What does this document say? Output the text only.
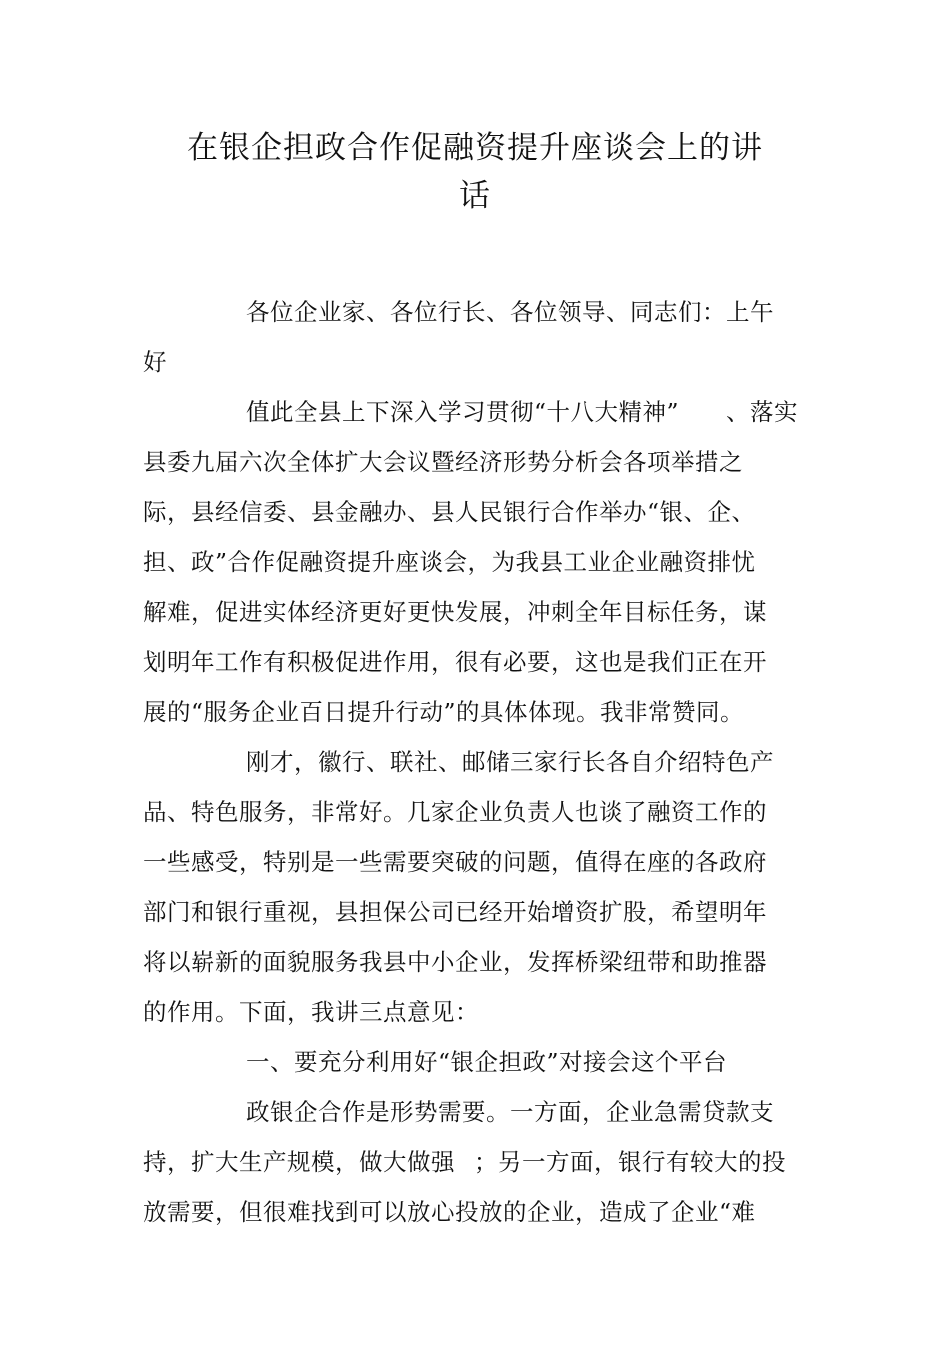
在银企担政合作促融资提升座谈会上的讲
话
各位企业家、各位行长、各位领导、同志们：上午
好
值此全县上下深入学习贯彻“十八大精神” 、落实
县委九届六次全体扩大会议暨经济形势分析会各项举措之
际，县经信委、县金融办、县人民银行合作举办“银、企、
担、政”合作促融资提升座谈会，为我县工业企业融资排忧
解难，促进实体经济更好更快发展，冲刺全年目标任务，谋
划明年工作有积极促进作用，很有必要，这也是我们正在开
展的“服务企业百日提升行动”的具体体现。我非常赞同。
刚才，徽行、联社、邮储三家行长各自介绍特色产
品、特色服务，非常好。几家企业负责人也谈了融资工作的
一些感受，特别是一些需要突破的问题，值得在座的各政府
部门和银行重视，县担保公司已经开始增资扩股，希望明年
将以崭新的面貌服务我县中小企业，发挥桥梁纽带和助推器
的作用。下面，我讲三点意见：
一、要充分利用好“银企担政”对接会这个平台
政银企合作是形势需要。一方面，企业急需贷款支
持，扩大生产规模，做大做强 ；另一方面，银行有较大的投
放需要，但很难找到可以放心投放的企业，造成了企业“难
